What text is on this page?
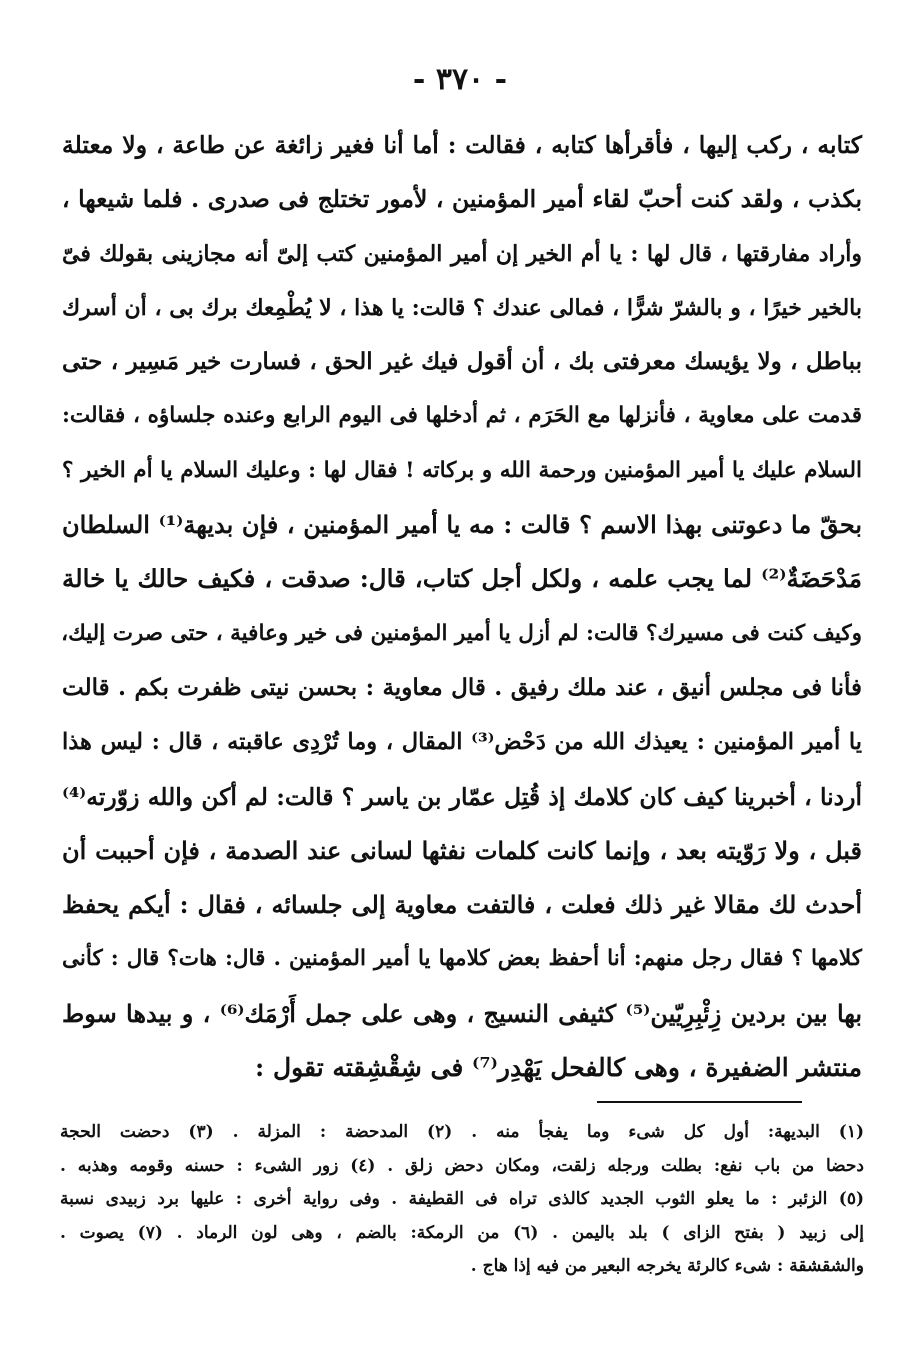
- ٣٧٠ -
كتابه ، ركب إليها ، فأقرأها كتابه ، فقالت : أما أنا فغير زائغة عن طاعة ، ولا معتلة
بكذب ، ولقد كنت أحبّ لقاء أمير المؤمنين ، لأمور تختلج فى صدرى . فلما شيعها ،
وأراد مفارقتها ، قال لها : يا أم الخير إن أمير المؤمنين كتب إلىّ أنه مجازينى بقولك فىّ
بالخير خيرًا ، و بالشرّ شرًّا ، فمالى عندك ؟ قالت: يا هذا ، لا يُطْمِعك برك بى ، أن أسرك
بباطل ، ولا يؤيسك معرفتى بك ، أن أقول فيك غير الحق ، فسارت خير مَسِير ، حتى
قدمت على معاوية ، فأنزلها مع الحَرَم ، ثم أدخلها فى اليوم الرابع وعنده جلساؤه ، فقالت:
السلام عليك يا أمير المؤمنين ورحمة الله و بركاته ! فقال لها : وعليك السلام يا أم الخير ؟
بحقّ ما دعوتنى بهذا الاسم ؟ قالت : مه يا أمير المؤمنين ، فإن بديهة⁽¹⁾ السلطان
مَدْحَضَةٌ⁽²⁾ لما يجب علمه ، ولكل أجل كتاب، قال: صدقت ، فكيف حالك يا خالة
وكيف كنت فى مسيرك؟ قالت: لم أزل يا أمير المؤمنين فى خير وعافية ، حتى صرت إليك،
فأنا فى مجلس أنيق ، عند ملك رفيق . قال معاوية : بحسن نيتى ظفرت بكم . قالت
يا أمير المؤمنين : يعيذك الله من دَحْض⁽³⁾ المقال ، وما تُرْدِى عاقبته ، قال : ليس هذا
أردنا ، أخبرينا كيف كان كلامك إذ قُتِل عمّار بن ياسر ؟ قالت: لم أكن والله زوّرته⁽⁴⁾
قبل ، ولا رَوّيته بعد ، وإنما كانت كلمات نفثها لسانى عند الصدمة ، فإن أحببت أن
أحدث لك مقالا غير ذلك فعلت ، فالتفت معاوية إلى جلسائه ، فقال : أيكم يحفظ
كلامها ؟ فقال رجل منهم: أنا أحفظ بعض كلامها يا أمير المؤمنين . قال: هات؟ قال : كأنى
بها بين بردين زِئْبِرِيّين⁽⁵⁾ كثيفى النسيج ، وهى على جمل أَرْمَك⁽⁶⁾ ، و بيدها سوط
منتشر الضفيرة ، وهى كالفحل يَهْدِر⁽⁷⁾ فى شِقْشِقته تقول :
(١) البديهة: أول كل شىء وما يفجأ منه . (٢) المدحضة : المزلة . (٣) دحضت الحجة
دحضا من باب نفع: بطلت ورجله زلقت، ومكان دحض زلق . (٤) زور الشىء : حسنه وقومه وهذبه .
(٥) الزئبر : ما يعلو الثوب الجديد كالذى تراه فى القطيفة . وفى رواية أخرى : عليها برد زبيدى نسبة
إلى زبيد ( بفتح الزاى ) بلد باليمن . (٦) من الرمكة: بالضم ، وهى لون الرماد . (٧) يصوت .
والشقشقة : شىء كالرئة يخرجه البعير من فيه إذا هاج .
